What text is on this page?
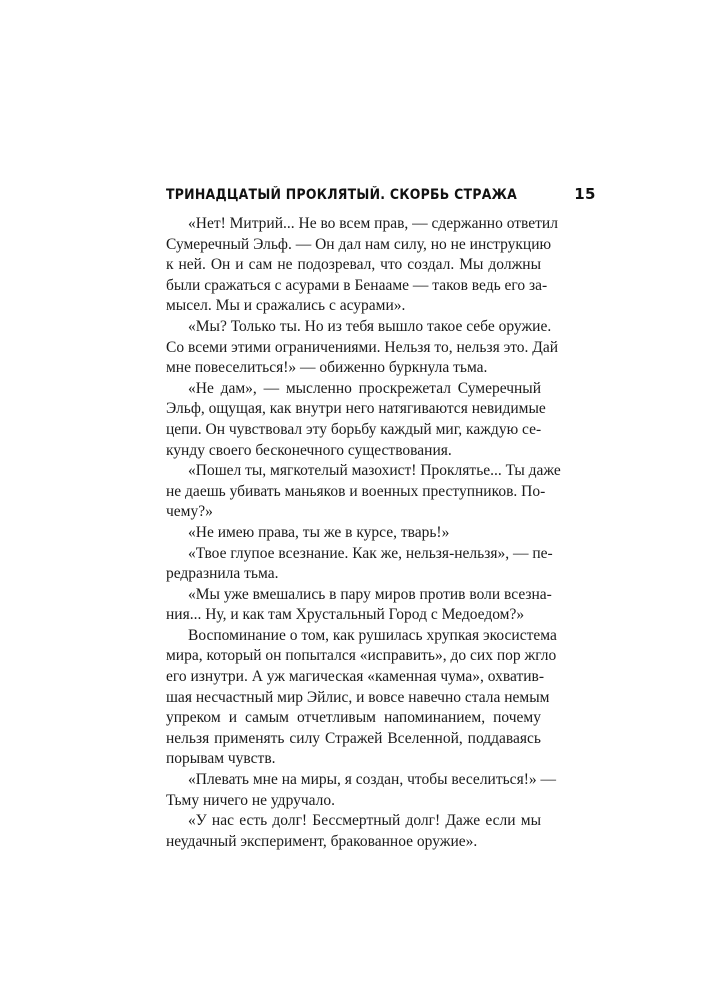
ТРИНАДЦАТЫЙ ПРОКЛЯТЫЙ. СКОРБЬ СТРАЖА	15
«Нет! Митрий... Не во всем прав, — сдержанно ответил
Сумеречный Эльф. — Он дал нам силу, но не инструкцию
к ней. Он и сам не подозревал, что создал. Мы должны
были сражаться с асурами в Бенааме — таков ведь его за-
мысел. Мы и сражались с асурами».
«Мы? Только ты. Но из тебя вышло такое себе оружие.
Со всеми этими ограничениями. Нельзя то, нельзя это. Дай
мне повеселиться!» — обиженно буркнула тьма.
«Не дам», — мысленно проскрежетал Сумеречный
Эльф, ощущая, как внутри него натягиваются невидимые
цепи. Он чувствовал эту борьбу каждый миг, каждую се-
кунду своего бесконечного существования.
«Пошел ты, мягкотелый мазохист! Проклятье... Ты даже
не даешь убивать маньяков и военных преступников. По-
чему?»
«Не имею права, ты же в курсе, тварь!»
«Твое глупое всезнание. Как же, нельзя-нельзя», — пе-
редразнила тьма.
«Мы уже вмешались в пару миров против воли всезна-
ния... Ну, и как там Хрустальный Город с Медоедом?»
Воспоминание о том, как рушилась хрупкая экосистема
мира, который он попытался «исправить», до сих пор жгло
его изнутри. А уж магическая «каменная чума», охватив-
шая несчастный мир Эйлис, и вовсе навечно стала немым
упреком и самым отчетливым напоминанием, почему
нельзя применять силу Стражей Вселенной, поддаваясь
порывам чувств.
«Плевать мне на миры, я создан, чтобы веселиться!» —
Тьму ничего не удручало.
«У нас есть долг! Бессмертный долг! Даже если мы
неудачный эксперимент, бракованное оружие».
